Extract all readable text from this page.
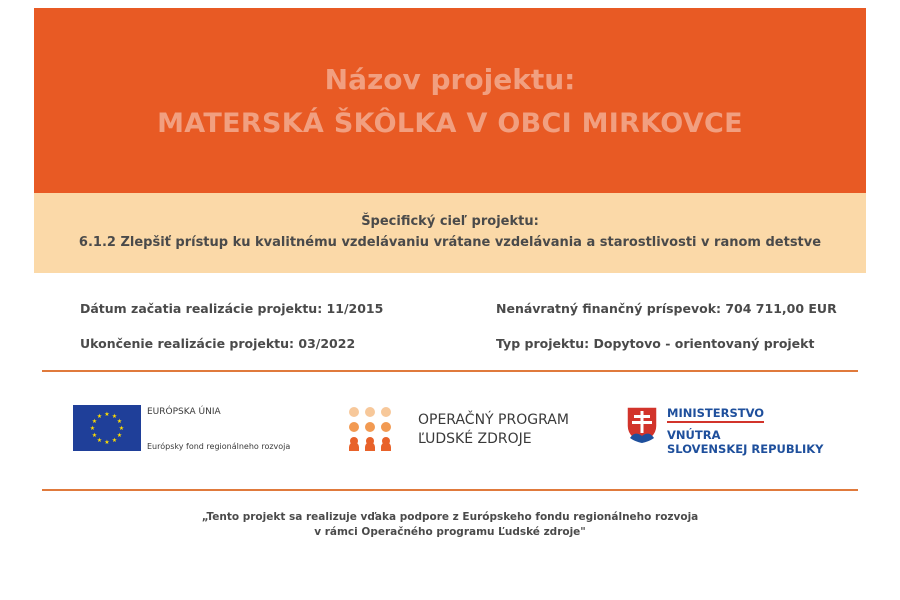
Názov projektu:
MATERSKÁ ŠKÔLKA V OBCI MIRKOVCE
Špecifický cieľ projektu:
6.1.2 Zlepšiť prístup ku kvalitnému vzdelávaniu vrátane vzdelávania a starostlivosti v ranom detstve
Dátum začatia realizácie projektu: 11/2015
Ukončenie realizácie projektu: 03/2022
Nenávratný finančný príspevok: 704 711,00 EUR
Typ projektu: Dopytovo - orientovaný projekt
★ ★
★
★
★
★
★
★
★
★
★
★	EURÓPSKA ÚNIA
Európsky fond regionálneho rozvoja
OPERAČNÝ PROGRAM
ĽUDSKÉ ZDROJE
MINISTERSTVO
VNÚTRA
SLOVENSKEJ REPUBLIKY
„Tento projekt sa realizuje vďaka podpore z Európskeho fondu regionálneho rozvoja
v rámci Operačného programu Ľudské zdroje"
